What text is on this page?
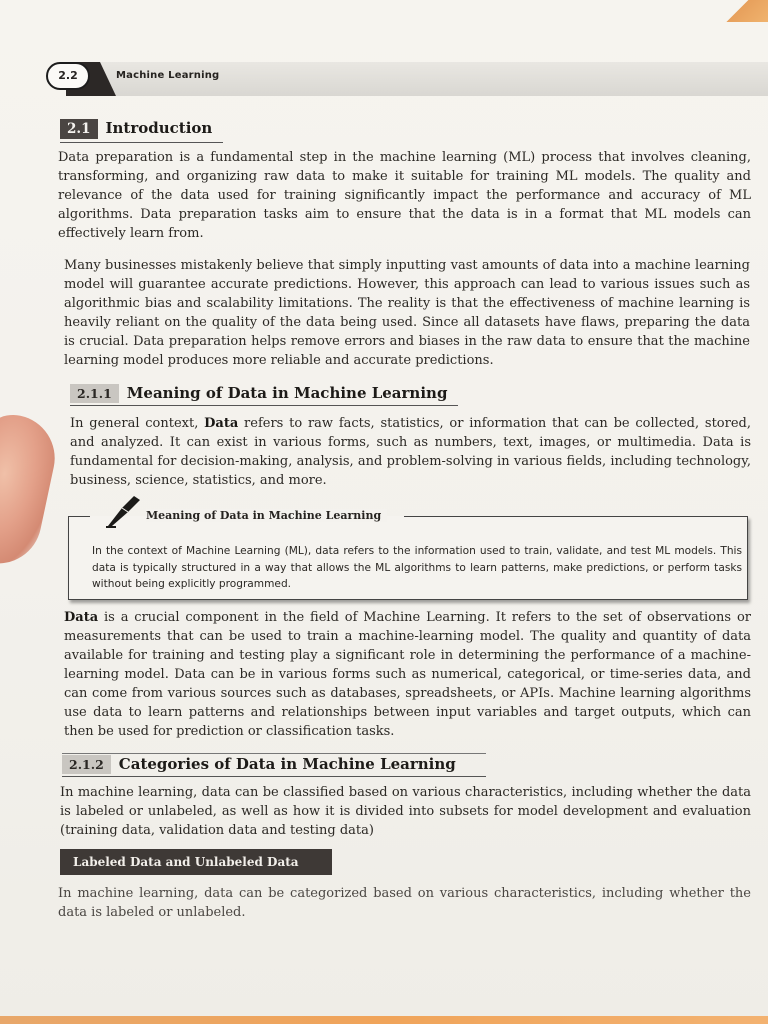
2.2	Machine Learning
2.1 Introduction

Data preparation is a fundamental step in the machine learning (ML) process that involves cleaning, transforming, and organizing raw data to make it suitable for training ML models. The quality and relevance of the data used for training significantly impact the performance and accuracy of ML algorithms. Data preparation tasks aim to ensure that the data is in a format that ML models can effectively learn from.

Many businesses mistakenly believe that simply inputting vast amounts of data into a machine learning model will guarantee accurate predictions. However, this approach can lead to various issues such as algorithmic bias and scalability limitations. The reality is that the effectiveness of machine learning is heavily reliant on the quality of the data being used. Since all datasets have flaws, preparing the data is crucial. Data preparation helps remove errors and biases in the raw data to ensure that the machine learning model produces more reliable and accurate predictions.

2.1.1 Meaning of Data in Machine Learning

In general context, Data refers to raw facts, statistics, or information that can be collected, stored, and analyzed. It can exist in various forms, such as numbers, text, images, or multimedia. Data is fundamental for decision-making, analysis, and problem-solving in various fields, including technology, business, science, statistics, and more.

Meaning of Data in Machine Learning

In the context of Machine Learning (ML), data refers to the information used to train, validate, and test ML models. This data is typically structured in a way that allows the ML algorithms to learn patterns, make predictions, or perform tasks without being explicitly programmed.

Data is a crucial component in the field of Machine Learning. It refers to the set of observations or measurements that can be used to train a machine-learning model. The quality and quantity of data available for training and testing play a significant role in determining the performance of a machine-learning model. Data can be in various forms such as numerical, categorical, or time-series data, and can come from various sources such as databases, spreadsheets, or APIs. Machine learning algorithms use data to learn patterns and relationships between input variables and target outputs, which can then be used for prediction or classification tasks.

2.1.2 Categories of Data in Machine Learning

In machine learning, data can be classified based on various characteristics, including whether the data is labeled or unlabeled, as well as how it is divided into subsets for model development and evaluation (training data, validation data and testing data)

Labeled Data and Unlabeled Data

In machine learning, data can be categorized based on various characteristics, including whether the data is labeled or unlabeled.
